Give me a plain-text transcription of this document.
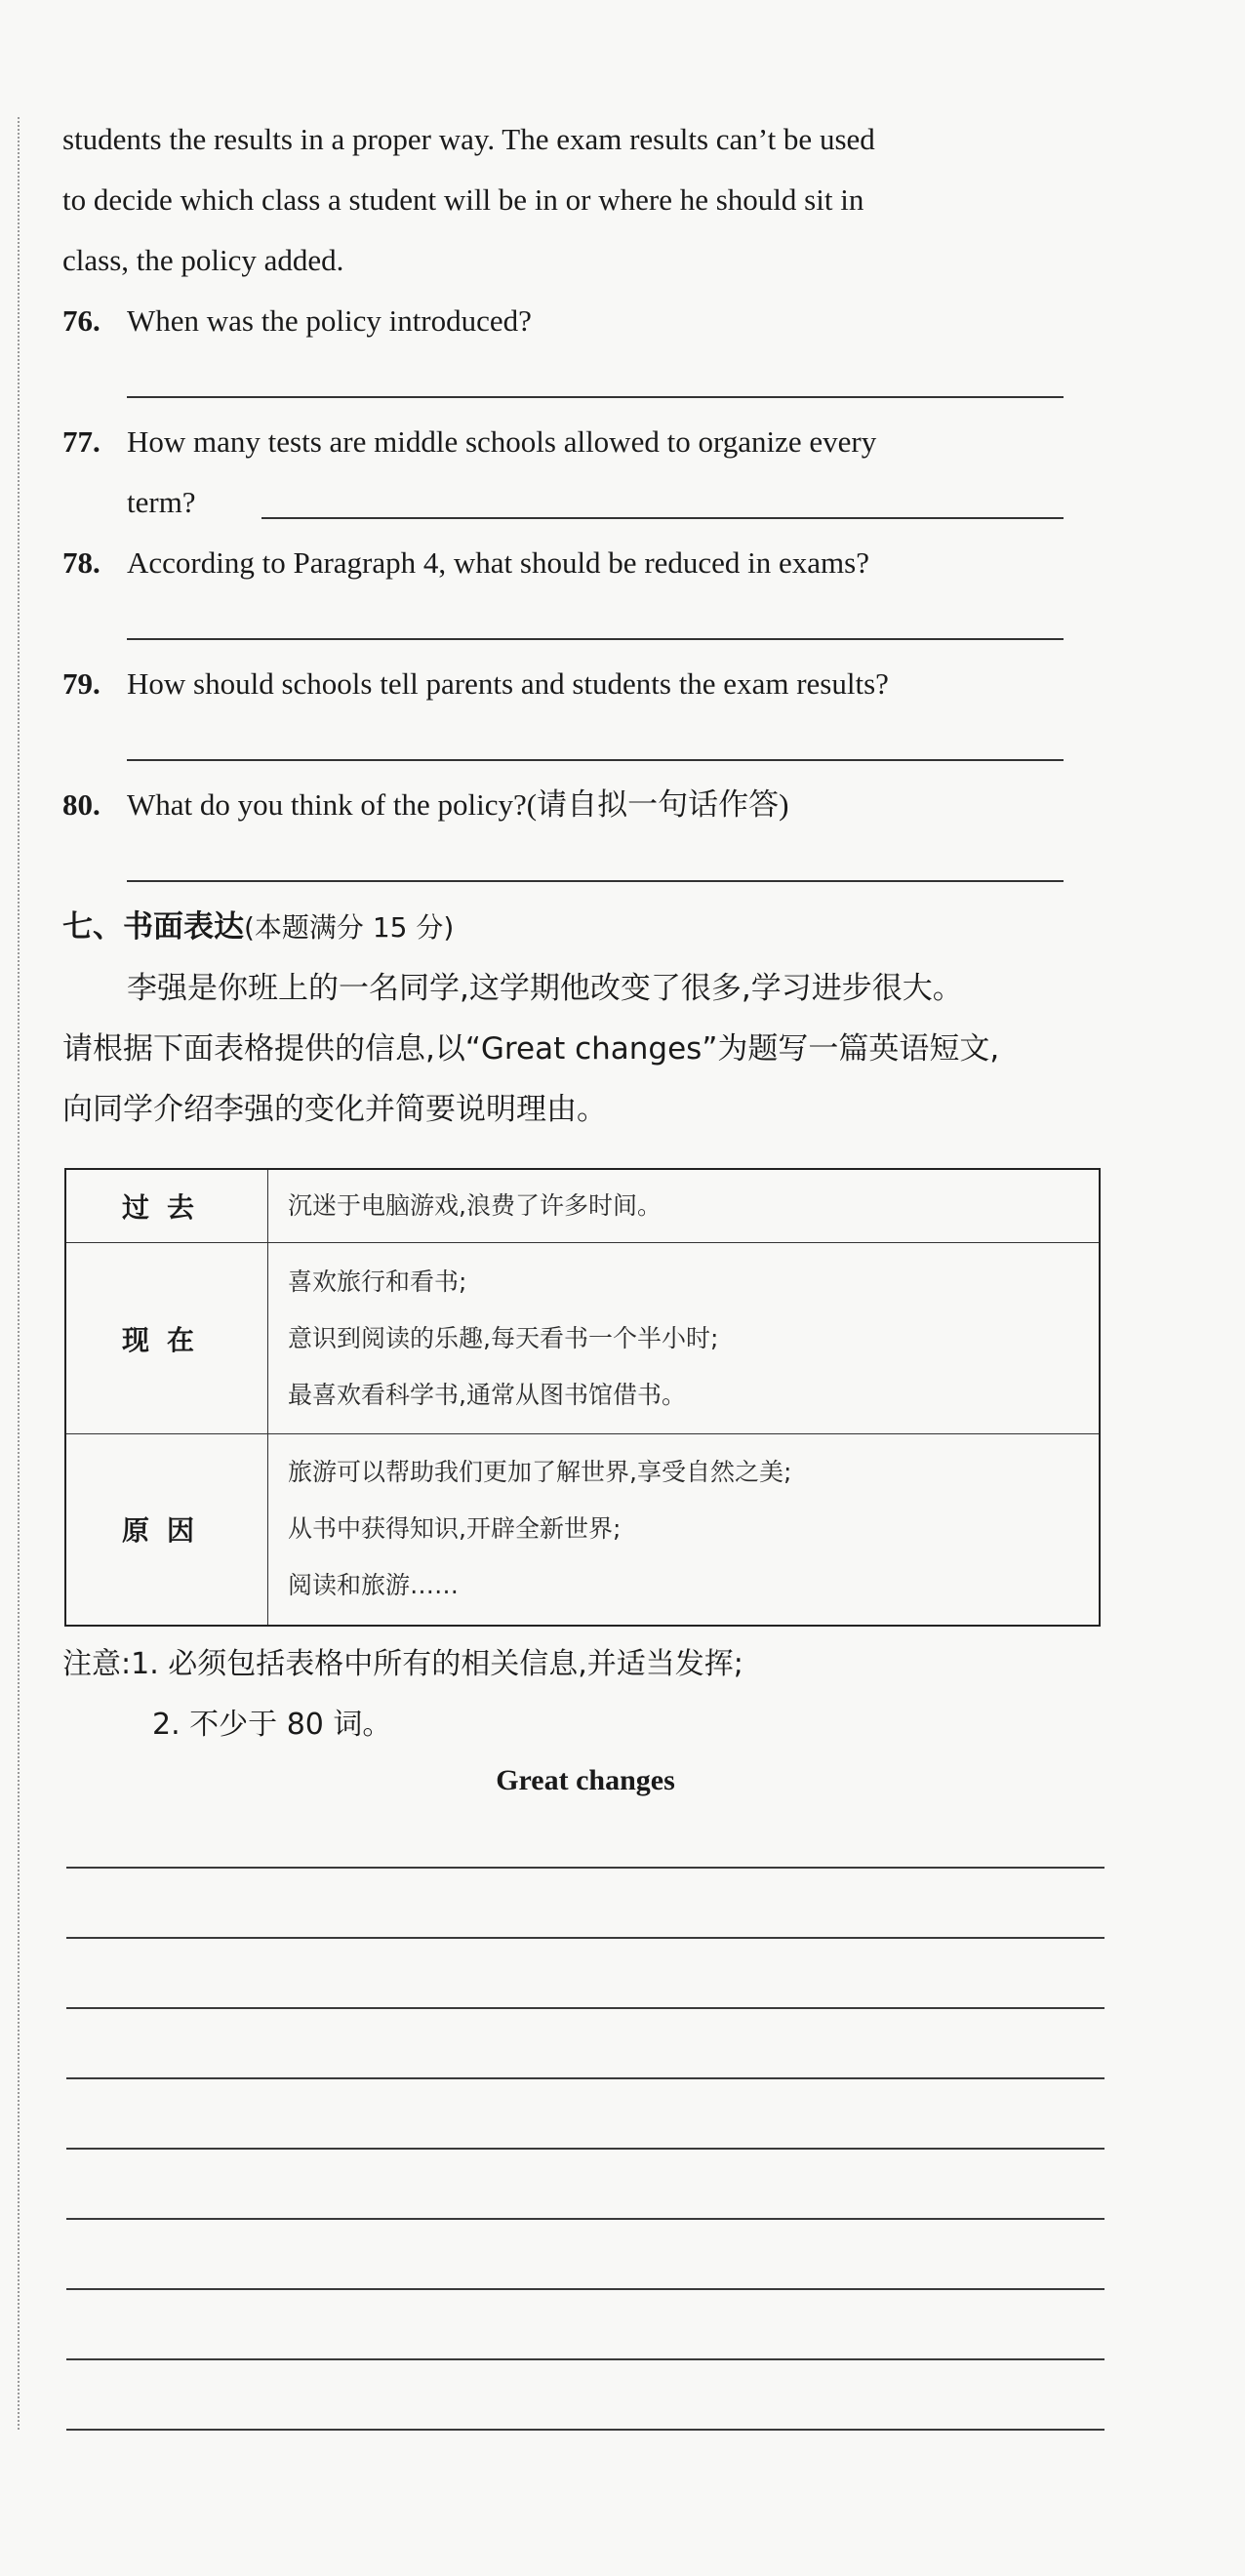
students the results in a proper way. The exam results can’t be used
to decide which class a student will be in or where he should sit in
class, the policy added.
76. When was the policy introduced?
77. How many tests are middle schools allowed to organize every
term?
78. According to Paragraph 4, what should be reduced in exams?
79. How should schools tell parents and students the exam results?
80. What do you think of the policy?(请自拟一句话作答)
七、书面表达(本题满分 15 分)
李强是你班上的一名同学,这学期他改变了很多,学习进步很大。
请根据下面表格提供的信息,以“Great changes”为题写一篇英语短文,
向同学介绍李强的变化并简要说明理由。
过去	沉迷于电脑游戏,浪费了许多时间。

现在	喜欢旅行和看书;
意识到阅读的乐趣,每天看书一个半小时;
最喜欢看科学书,通常从图书馆借书。

原因	旅游可以帮助我们更加了解世界,享受自然之美;
从书中获得知识,开辟全新世界;
阅读和旅游……
注意:1. 必须包括表格中所有的相关信息,并适当发挥;
2. 不少于 80 词。
Great changes
